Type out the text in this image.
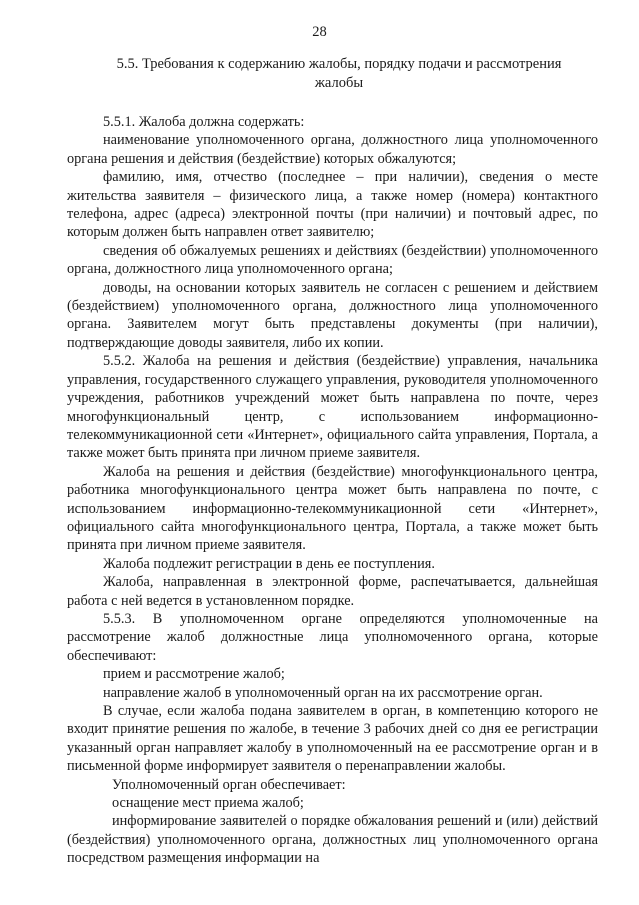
28
5.5. Требования к содержанию жалобы, порядку подачи и рассмотрения жалобы

5.5.1. Жалоба должна содержать:

наименование уполномоченного органа, должностного лица уполномоченного органа решения и действия (бездействие) которых обжалуются;

фамилию, имя, отчество (последнее – при наличии), сведения о месте жительства заявителя – физического лица, а также номер (номера) контактного телефона, адрес (адреса) электронной почты (при наличии) и почтовый адрес, по которым должен быть направлен ответ заявителю;

сведения об обжалуемых решениях и действиях (бездействии) уполномоченного органа, должностного лица уполномоченного органа;

доводы, на основании которых заявитель не согласен с решением и действием (бездействием) уполномоченного органа, должностного лица уполномоченного органа. Заявителем могут быть представлены документы (при наличии), подтверждающие доводы заявителя, либо их копии.

5.5.2. Жалоба на решения и действия (бездействие) управления, начальника управления, государственного служащего управления, руководителя уполномоченного учреждения, работников учреждений может быть направлена по почте, через многофункциональный центр, с использованием информационно-телекоммуникационной сети «Интернет», официального сайта управления, Портала, а также может быть принята при личном приеме заявителя.

Жалоба на решения и действия (бездействие) многофункционального центра, работника многофункционального центра может быть направлена по почте, с использованием информационно-телекоммуникационной сети «Интернет», официального сайта многофункционального центра, Портала, а также может быть принята при личном приеме заявителя.

Жалоба подлежит регистрации в день ее поступления.

Жалоба, направленная в электронной форме, распечатывается, дальнейшая работа с ней ведется в установленном порядке.

5.5.3. В уполномоченном органе определяются уполномоченные на рассмотрение жалоб должностные лица уполномоченного органа, которые обеспечивают:

прием и рассмотрение жалоб;

направление жалоб в уполномоченный орган на их рассмотрение орган.

В случае, если жалоба подана заявителем в орган, в компетенцию которого не входит принятие решения по жалобе, в течение 3 рабочих дней со дня ее регистрации указанный орган направляет жалобу в уполномоченный на ее рассмотрение орган и в письменной форме информирует заявителя о перенаправлении жалобы.

Уполномоченный орган обеспечивает:

оснащение мест приема жалоб;

информирование заявителей о порядке обжалования решений и (или) действий (бездействия) уполномоченного органа, должностных лиц уполномоченного органа посредством размещения информации на
